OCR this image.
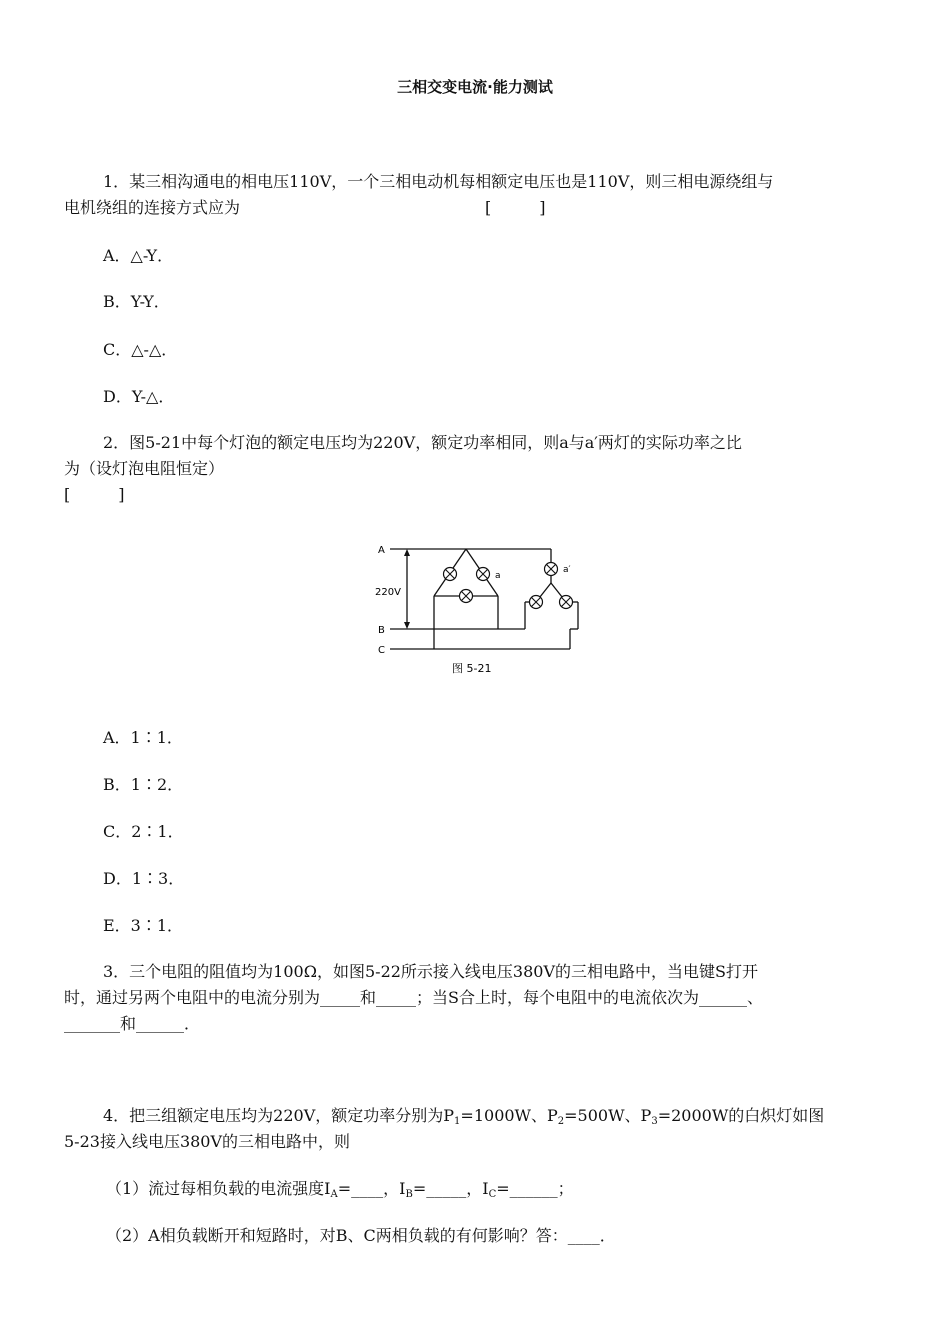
三相交变电流·能力测试
1．某三相沟通电的相电压110V，一个三相电动机每相额定电压也是110V，则三相电源绕组与
电机绕组的连接方式应为	[　　　]
A．△-Y．
B．Y-Y．
C．△-△．
D．Y-△．
2．图5-21中每个灯泡的额定电压均为220V，额定功率相同，则a与a′两灯的实际功率之比
为（设灯泡电阻恒定）
[　　　]
A
B
C
220V
a
a′
图 5-21
A．1∶1．
B．1∶2．
C．2∶1．
D．1∶3．
E．3∶1．
3．三个电阻的阻值均为100Ω，如图5-22所示接入线电压380V的三相电路中，当电键S打开
时，通过另两个电阻中的电流分别为_____和_____；当S合上时，每个电阻中的电流依次为______、
_______和______．
4．把三组额定电压均为220V，额定功率分别为P1=1000W、P2=500W、P3=2000W的白炽灯如图
5-23接入线电压380V的三相电路中，则
（1）流过每相负载的电流强度IA=____，IB=_____，IC=______；
（2）A相负载断开和短路时，对B、C两相负载的有何影响？答：____．
